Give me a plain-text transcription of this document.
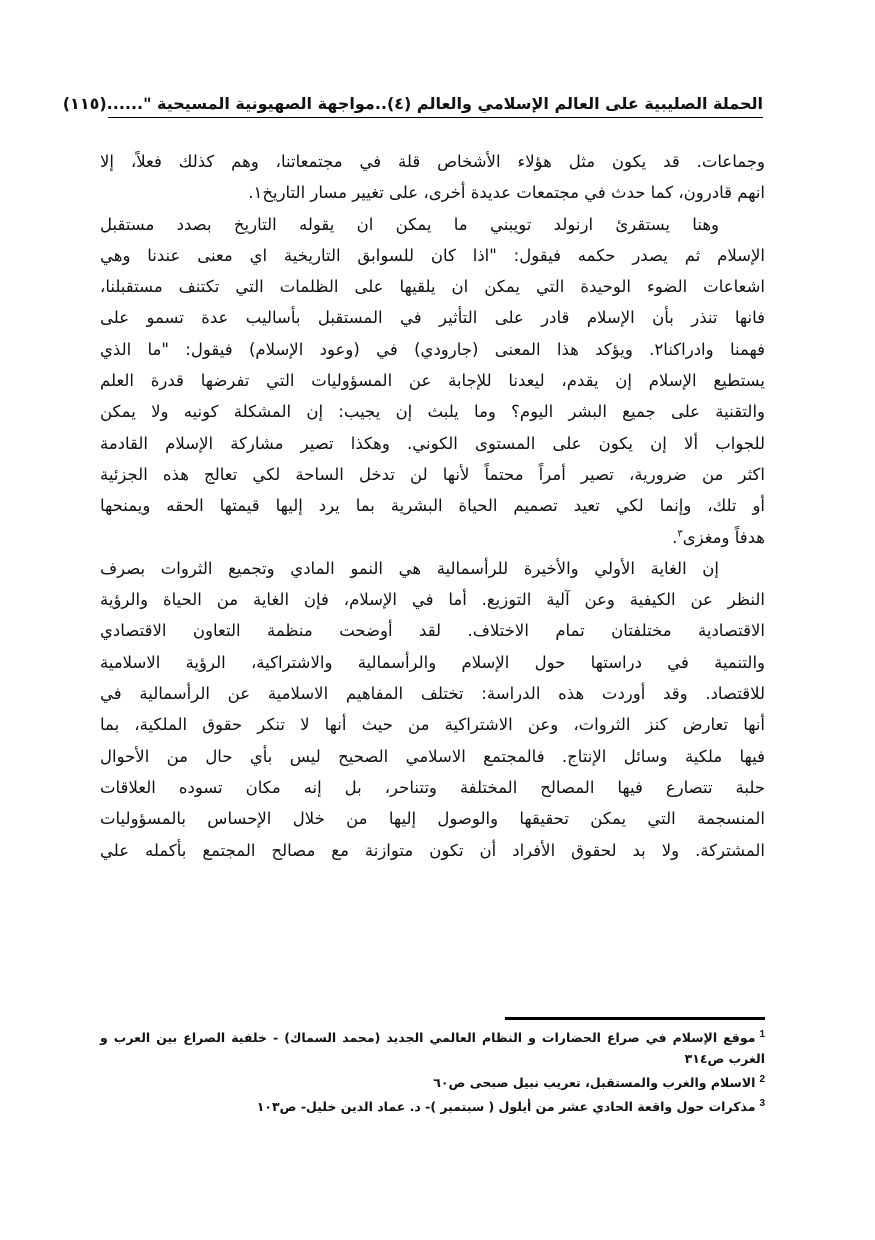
الحملة الصليبية على العالم الإسلامي والعالم (٤)..مواجهة الصهيونية المسيحية "......
(١١٥)
وجماعات. قد يكون مثل هؤلاء الأشخاص قلة في مجتمعاتنا، وهم كذلك فعلاً، إلا
انهم قادرون، كما حدث في مجتمعات عديدة أخرى، على تغيير مسار التاريخ١.
وهنا يستقرئ ارنولد تويبني ما يمكن ان يقوله التاريخ بصدد مستقبل
الإسلام ثم يصدر حكمه فيقول: "اذا كان للسوابق التاريخية اي معنى عندنا وهي
اشعاعات الضوء الوحيدة التي يمكن ان يلقيها على الظلمات التي تكتنف مستقبلنا،
فانها تنذر بأن الإسلام قادر على التأثير في المستقبل بأساليب عدة تسمو على
فهمنا وادراكنا٢. ويؤكد هذا المعنى (جارودي) في (وعود الإسلام) فيقول: "ما الذي
يستطيع الإسلام إن يقدم، ليعدنا للإجابة عن المسؤوليات التي تفرضها قدرة العلم
والتقنية على جميع البشر اليوم؟ وما يلبث إن يجيب: إن المشكلة كونيه ولا يمكن
للجواب ألا إن يكون على المستوى الكوني. وهكذا تصير مشاركة الإسلام القادمة
اكثر من ضرورية، تصير أمراً محتماً لأنها لن تدخل الساحة لكي تعالج هذه الجزئية
أو تلك، وإنما لكي تعيد تصميم الحياة البشرية بما يرد إليها قيمتها الحقه ويمنحها
هدفاً ومغزى$^٣$.
إن الغاية الأولي والأخيرة للرأسمالية هي النمو المادي وتجميع الثروات بصرف
النظر عن الكيفية وعن آلية التوزيع. أما في الإسلام، فإن الغاية من الحياة والرؤية
الاقتصادية مختلفتان تمام الاختلاف. لقد أوضحت منظمة التعاون الاقتصادي
والتنمية في دراستها حول الإسلام والرأسمالية والاشتراكية، الرؤية الاسلامية
للاقتصاد. وقد أوردت هذه الدراسة: تختلف المفاهيم الاسلامية عن الرأسمالية في
أنها تعارض كنز الثروات، وعن الاشتراكية من حيث أنها لا تنكر حقوق الملكية، بما
فيها ملكية وسائل الإنتاج. فالمجتمع الاسلامي الصحيح ليس بأي حال من الأحوال
حلبة تتصارع فيها المصالح المختلفة وتتناحر، بل إنه مكان تسوده العلاقات
المنسجمة التي يمكن تحقيقها والوصول إليها من خلال الإحساس بالمسؤوليات
المشتركة. ولا بد لحقوق الأفراد أن تكون متوازنة مع مصالح المجتمع بأكمله علي
$^1$موقع الإسلام في صراع الحضارات و النظام العالمي الجديد (محمد السماك) - خلفية الصراع بين العرب و
الغرب ص٣١٤
$^2$الاسلام والغرب والمستقبل، تعريب نبيل صبحى ص٦٠
$^3$مذكرات حول واقعة الحادي عشر من أيلول ( سبتمبر )- د. عماد الدين خليل- ص١٠٣
